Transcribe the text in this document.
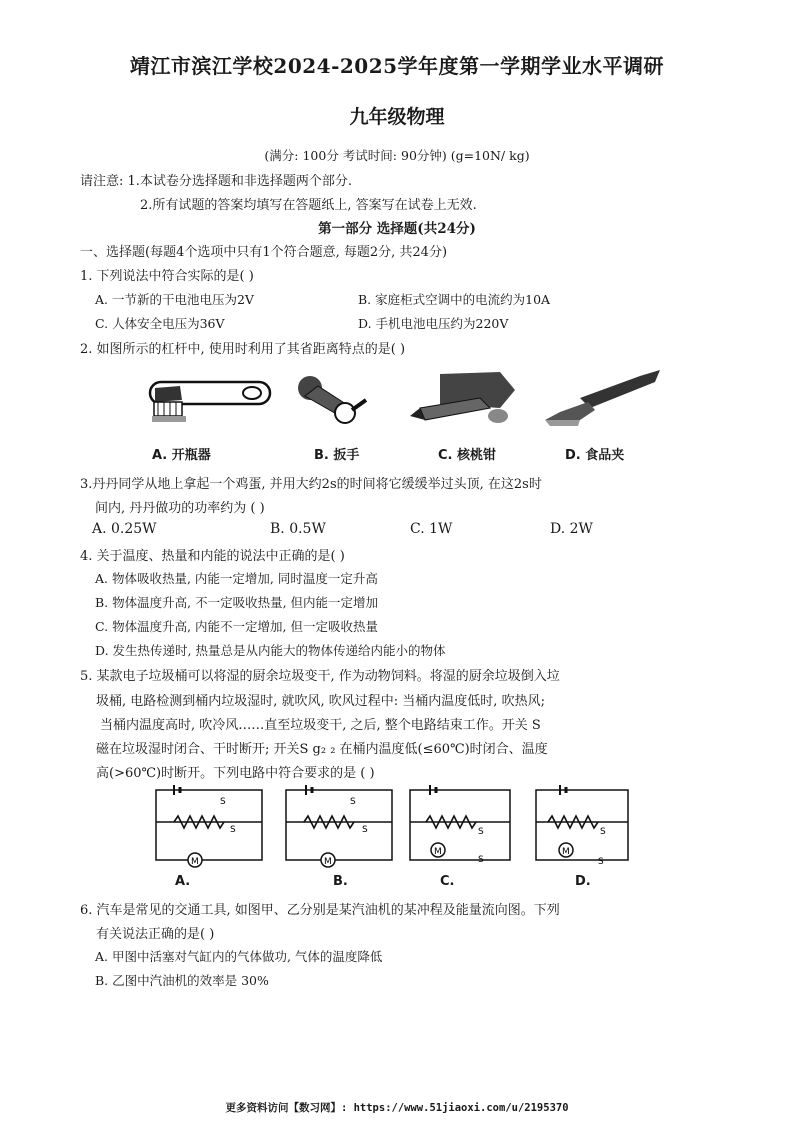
靖江市滨江学校2024-2025学年度第一学期学业水平调研
九年级物理
(满分: 100分 考试时间: 90分钟) (g=10N/ kg)
请注意: 1.本试卷分选择题和非选择题两个部分.
2.所有试题的答案均填写在答题纸上, 答案写在试卷上无效.
第一部分 选择题(共24分)
一、选择题(每题4个选项中只有1个符合题意, 每题2分, 共24分)
1. 下列说法中符合实际的是( )
A. 一节新的干电池电压为2V	B. 家庭柜式空调中的电流约为10A
C. 人体安全电压为36V	D. 手机电池电压约为220V
2. 如图所示的杠杆中, 使用时利用了其省距离特点的是( )
A. 开瓶器	B. 扳手	C. 核桃钳	D. 食品夹
3.丹丹同学从地上拿起一个鸡蛋, 并用大约2s的时间将它缓缓举过头顶, 在这2s时
间内, 丹丹做功的功率约为 ( )
A. 0.25W	B. 0.5W	C. 1W	D. 2W
4. 关于温度、热量和内能的说法中正确的是( )
A. 物体吸收热量, 内能一定增加, 同时温度一定升高
B. 物体温度升高, 不一定吸收热量, 但内能一定增加
C. 物体温度升高, 内能不一定增加, 但一定吸收热量
D. 发生热传递时, 热量总是从内能大的物体传递给内能小的物体
5. 某款电子垃圾桶可以将湿的厨余垃圾变干, 作为动物饲料。将湿的厨余垃圾倒入垃
圾桶, 电路检测到桶内垃圾湿时, 就吹风, 吹风过程中: 当桶内温度低时, 吹热风;
当桶内温度高时, 吹冷风……直至垃圾变干, 之后, 整个电路结束工作。开关 S
磁在垃圾湿时闭合、干时断开; 开关S g₂ ₂ 在桶内温度低(≤60℃)时闭合、温度
高(>60℃)时断开。下列电路中符合要求的是 ( )
M
S
S
M
S
S
M
S
S
M
S
S
A.	B.	C.	D.
6. 汽车是常见的交通工具, 如图甲、乙分别是某汽油机的某冲程及能量流向图。下列
有关说法正确的是( )
A. 甲图中活塞对气缸内的气体做功, 气体的温度降低
B. 乙图中汽油机的效率是 30%
更多资料访问【数习网】: https://www.51jiaoxi.com/u/2195370
